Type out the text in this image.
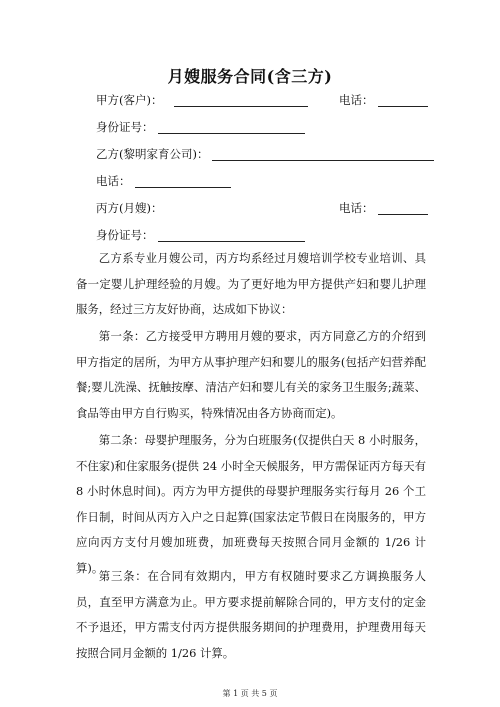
月嫂服务合同(含三方)
甲方(客户)：	电话：
身份证号：
乙方(黎明家育公司)：
电话：
丙方(月嫂)：	电话：
身份证号：

乙方系专业月嫂公司，丙方均系经过月嫂培训学校专业培训、具备一定婴儿护理经验的月嫂。为了更好地为甲方提供产妇和婴儿护理服务，经过三方友好协商，达成如下协议：

第一条：乙方接受甲方聘用月嫂的要求，丙方同意乙方的介绍到甲方指定的居所，为甲方从事护理产妇和婴儿的服务(包括产妇营养配餐;婴儿洗澡、抚触按摩、清洁产妇和婴儿有关的家务卫生服务;蔬菜、食品等由甲方自行购买，特殊情况由各方协商而定)。

第二条：母婴护理服务，分为白班服务(仅提供白天 8 小时服务，不住家)和住家服务(提供 24 小时全天候服务，甲方需保证丙方每天有 8 小时休息时间)。丙方为甲方提供的母婴护理服务实行每月 26 个工作日制，时间从丙方入户之日起算(国家法定节假日在岗服务的，甲方应向丙方支付月嫂加班费，加班费每天按照合同月金额的 1/26 计算)。

第三条：在合同有效期内，甲方有权随时要求乙方调换服务人员，直至甲方满意为止。甲方要求提前解除合同的，甲方支付的定金不予退还，甲方需支付丙方提供服务期间的护理费用，护理费用每天按照合同月金额的 1/26 计算。

第 1 页 共 5 页
